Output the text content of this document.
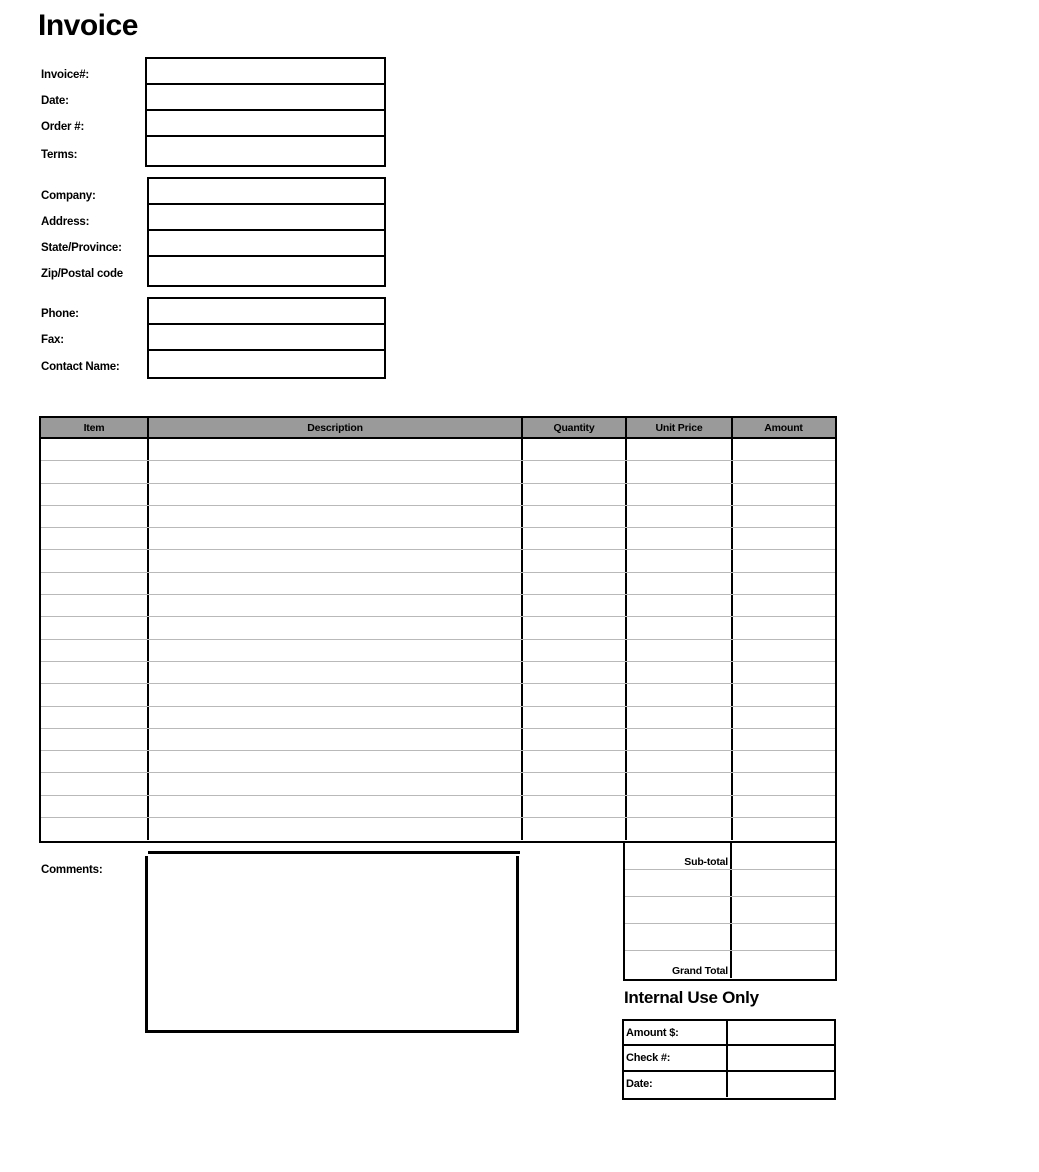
Invoice
Invoice#:
Date:
Order #:
Terms:
Company:
Address:
State/Province:
Zip/Postal code
Phone:
Fax:
Contact Name:
Item	Description	Quantity	Unit Price	Amount
Sub-total
Grand Total
Comments:
Internal Use Only
Amount $:
Check #:
Date:
